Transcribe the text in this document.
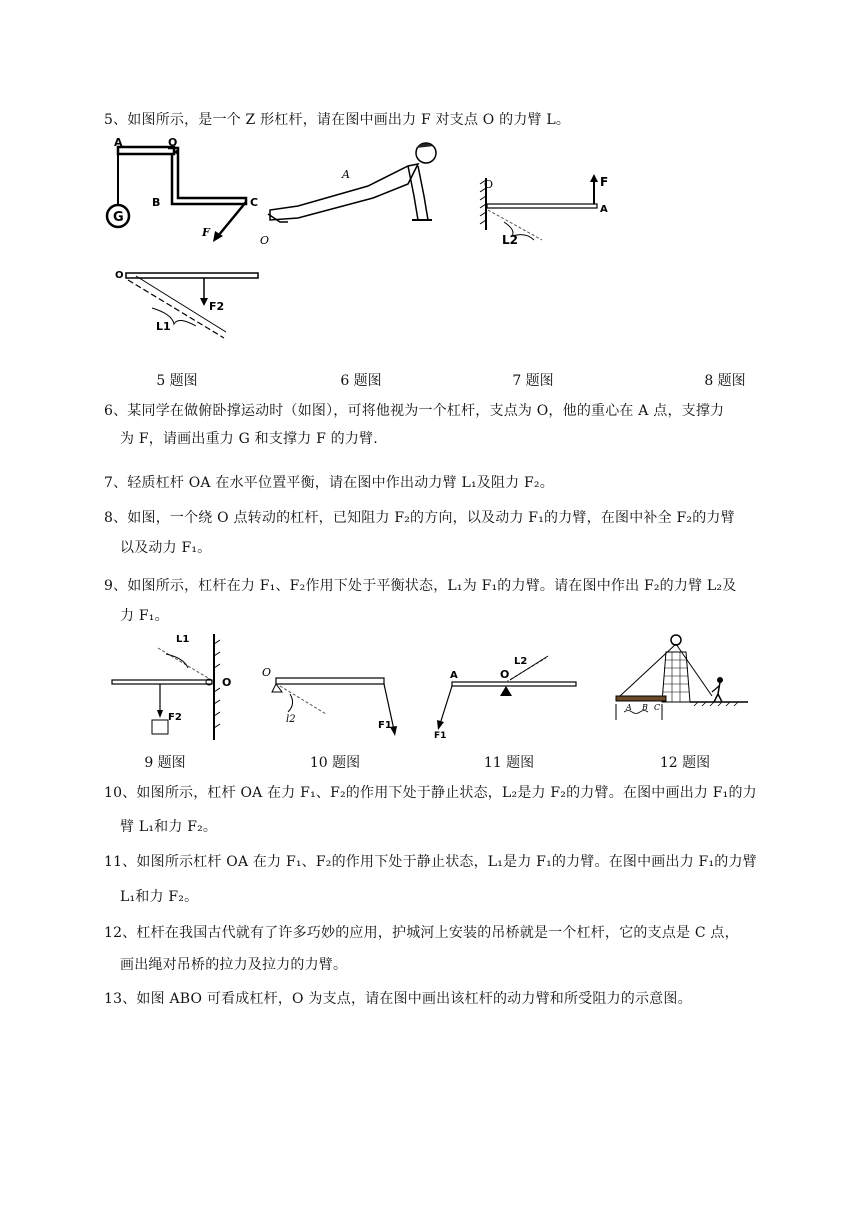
5、如图所示，是一个 Z 形杠杆，请在图中画出力 F 对支点 O 的力臂 L。
G
A	O
B	C
F
A
O
F
A
O
L2
O
F2
L1
5 题图	6 题图	7 题图	8 题图
6、某同学在做俯卧撑运动时（如图），可将他视为一个杠杆，支点为 O，他的重心在 A 点，支撑力
为 F，请画出重力 G 和支撑力 F 的力臂.
7、轻质杠杆 OA 在水平位置平衡，请在图中作出动力臂 L₁及阻力 F₂。
8、如图，一个绕 O 点转动的杠杆，已知阻力 F₂的方向，以及动力 F₁的力臂，在图中补全 F₂的力臂
以及动力 F₁。
9、如图所示，杠杆在力 F₁、F₂作用下处于平衡状态，L₁为 F₁的力臂。请在图中作出 F₂的力臂 L₂及
力 F₁。
O
L1
F2
O
l2
F1
A	O
L2
F1
A B C
9 题图	10 题图	11 题图	12 题图
10、如图所示，杠杆 OA 在力 F₁、F₂的作用下处于静止状态，L₂是力 F₂的力臂。在图中画出力 F₁的力
臂 L₁和力 F₂。
11、如图所示杠杆 OA 在力 F₁、F₂的作用下处于静止状态，L₁是力 F₁的力臂。在图中画出力 F₁的力臂
L₁和力 F₂。
12、杠杆在我国古代就有了许多巧妙的应用，护城河上安装的吊桥就是一个杠杆，它的支点是 C 点，
画出绳对吊桥的拉力及拉力的力臂。
13、如图 ABO 可看成杠杆，O 为支点，请在图中画出该杠杆的动力臂和所受阻力的示意图。
